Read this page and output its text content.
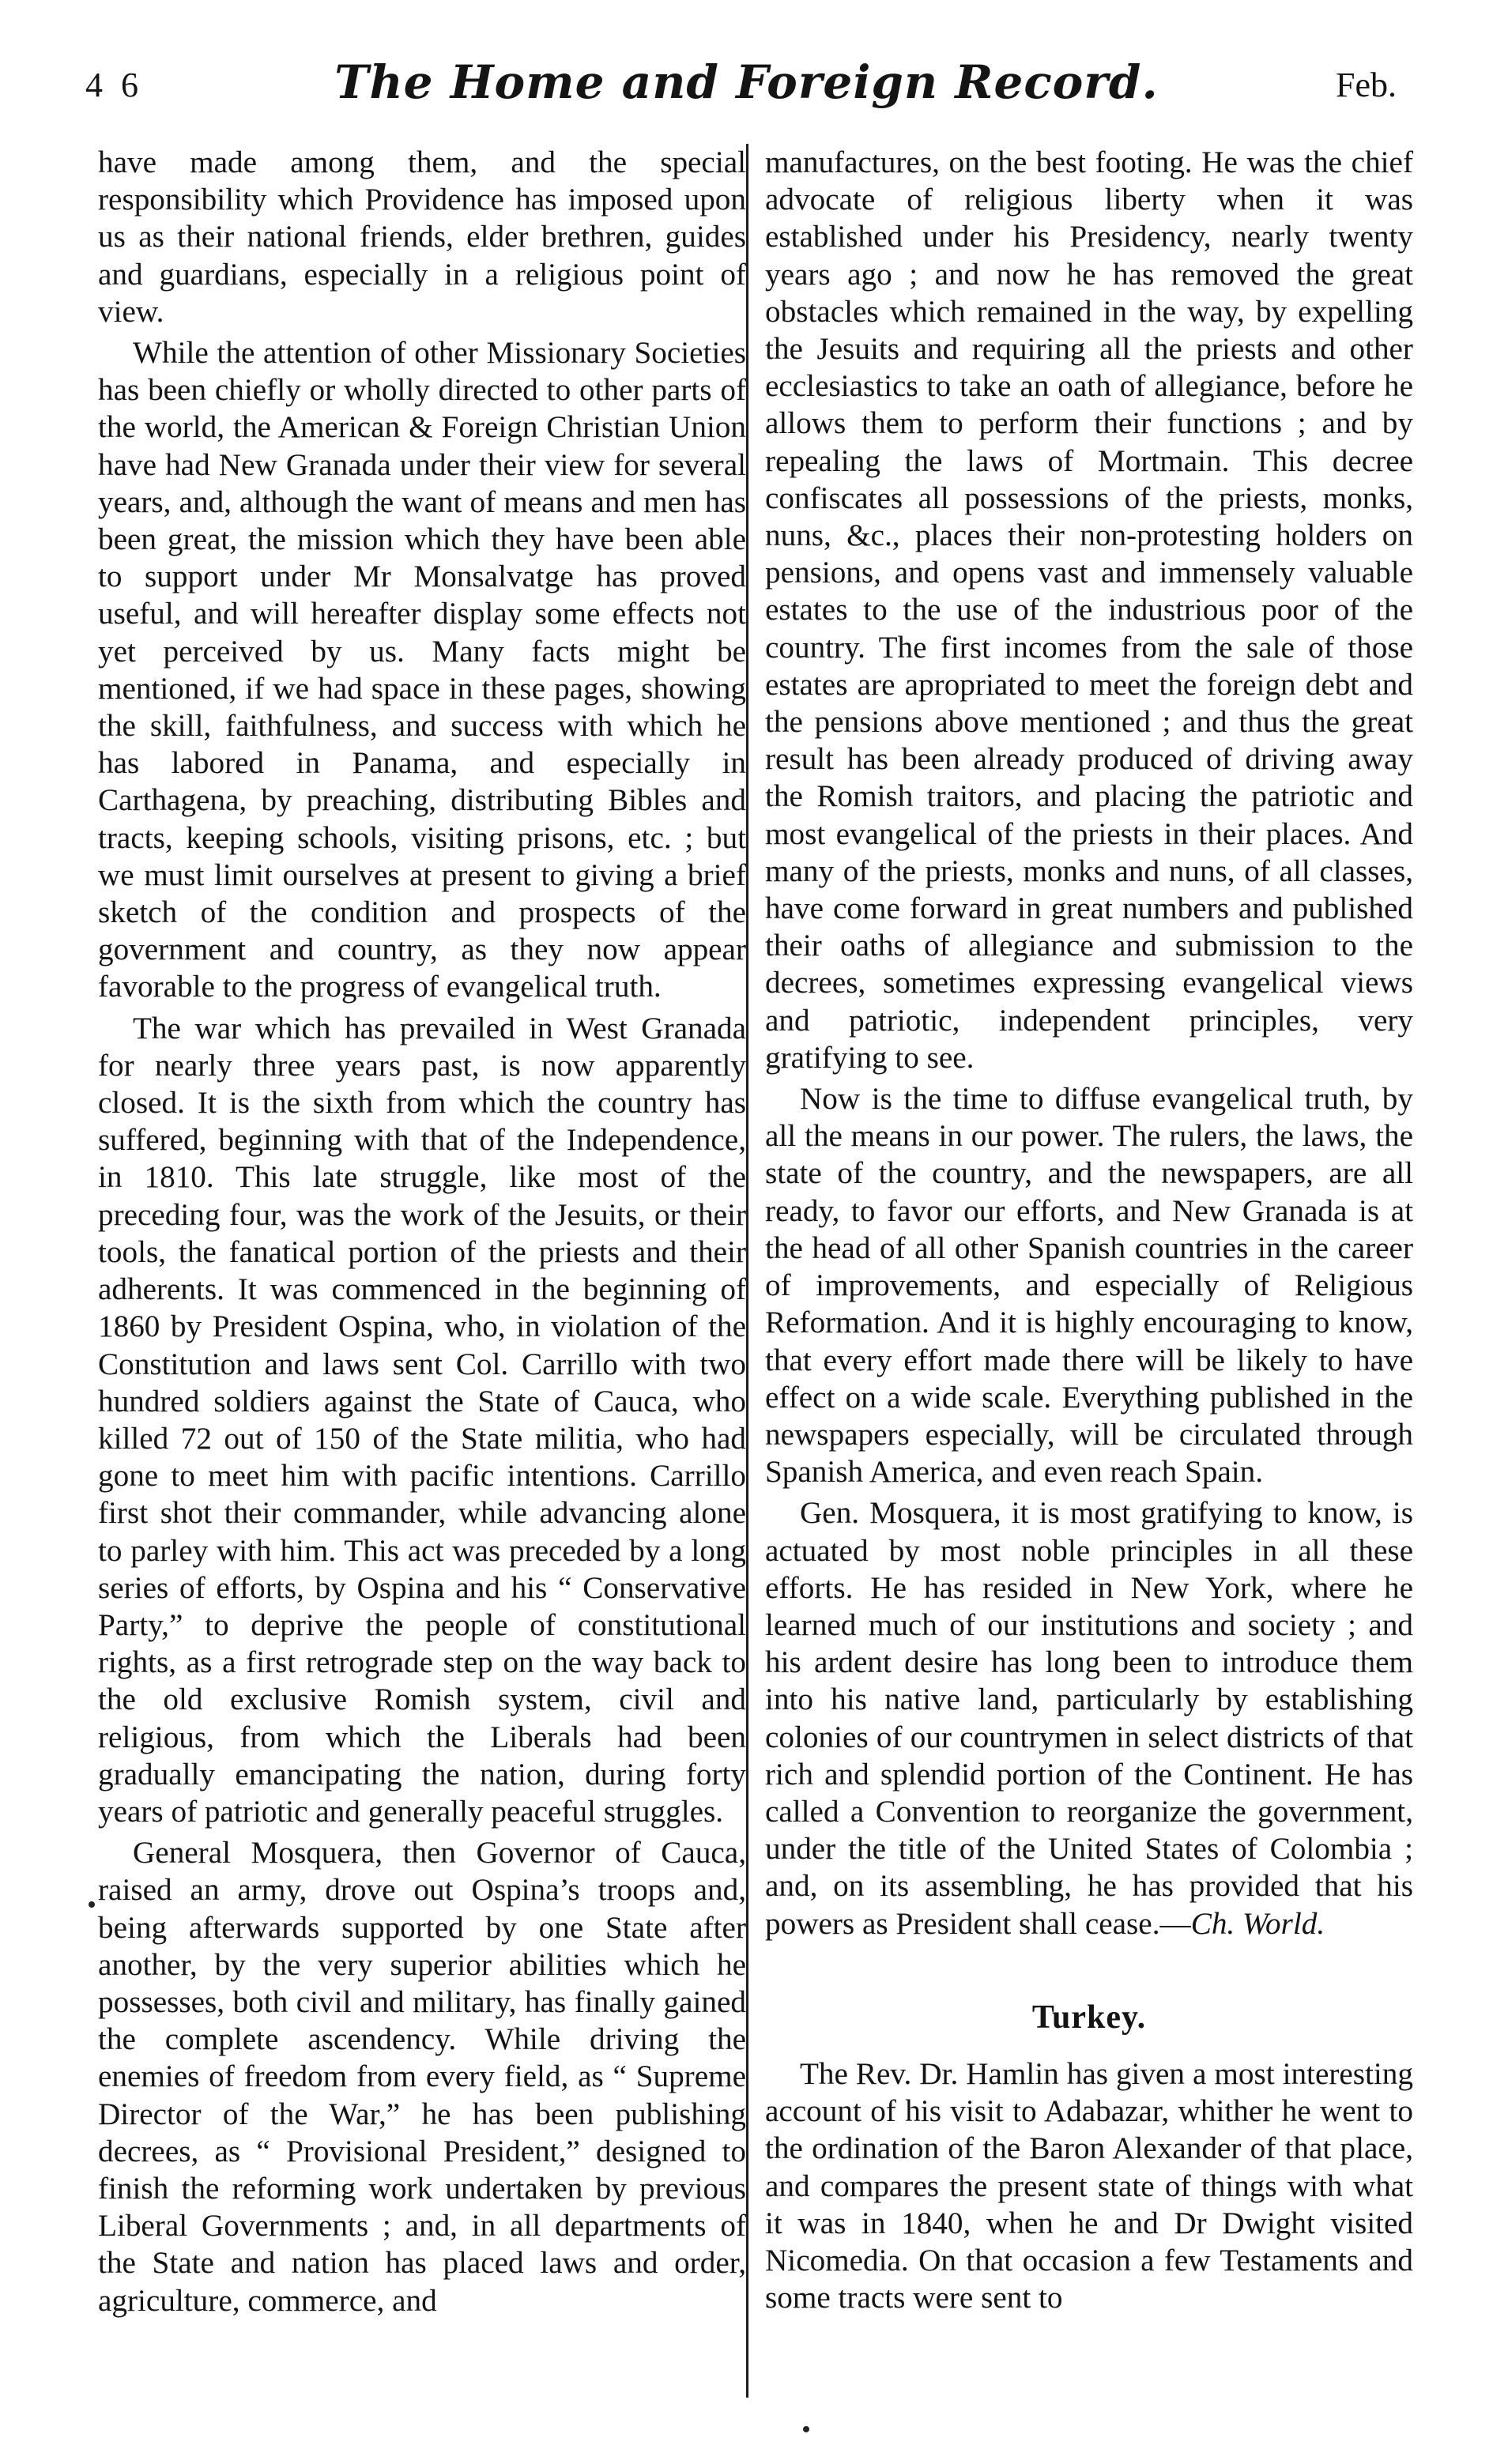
4 6	The Home and Foreign Record.	Feb.

have made among them, and the special responsibility which Providence has imposed upon us as their national friends, elder brethren, guides and guardians, especially in a religious point of view.

While the attention of other Missionary Societies has been chiefly or wholly directed to other parts of the world, the American & Foreign Christian Union have had New Granada under their view for several years, and, although the want of means and men has been great, the mission which they have been able to support under Mr Monsalvatge has proved useful, and will hereafter display some effects not yet perceived by us. Many facts might be mentioned, if we had space in these pages, showing the skill, faithfulness, and success with which he has labored in Panama, and especially in Carthagena, by preaching, distributing Bibles and tracts, keeping schools, visiting prisons, etc. ; but we must limit ourselves at present to giving a brief sketch of the condition and prospects of the government and country, as they now appear favorable to the progress of evangelical truth.

The war which has prevailed in West Granada for nearly three years past, is now apparently closed. It is the sixth from which the country has suffered, beginning with that of the Independence, in 1810. This late struggle, like most of the preceding four, was the work of the Jesuits, or their tools, the fanatical portion of the priests and their adherents. It was commenced in the beginning of 1860 by President Ospina, who, in violation of the Constitution and laws sent Col. Carrillo with two hundred soldiers against the State of Cauca, who killed 72 out of 150 of the State militia, who had gone to meet him with pacific intentions. Carrillo first shot their commander, while advancing alone to parley with him. This act was preceded by a long series of efforts, by Ospina and his “ Conservative Party,” to deprive the people of constitutional rights, as a first retrograde step on the way back to the old exclusive Romish system, civil and religious, from which the Liberals had been gradually emancipating the nation, during forty years of patriotic and generally peaceful struggles.

General Mosquera, then Governor of Cauca, raised an army, drove out Ospina’s troops and, being afterwards supported by one State after another, by the very superior abilities which he possesses, both civil and military, has finally gained the complete ascendency. While driving the enemies of freedom from every field, as “ Supreme Director of the War,” he has been publishing decrees, as “ Provisional President,” designed to finish the reforming work undertaken by previous Liberal Governments ; and, in all departments of the State and nation has placed laws and order, agriculture, commerce, and

manufactures, on the best footing. He was the chief advocate of religious liberty when it was established under his Presidency, nearly twenty years ago ; and now he has removed the great obstacles which remained in the way, by expelling the Jesuits and requiring all the priests and other ecclesiastics to take an oath of allegiance, before he allows them to perform their functions ; and by repealing the laws of Mortmain. This decree confiscates all possessions of the priests, monks, nuns, &c., places their non-protesting holders on pensions, and opens vast and immensely valuable estates to the use of the industrious poor of the country. The first incomes from the sale of those estates are apropriated to meet the foreign debt and the pensions above mentioned ; and thus the great result has been already produced of driving away the Romish traitors, and placing the patriotic and most evangelical of the priests in their places. And many of the priests, monks and nuns, of all classes, have come forward in great numbers and published their oaths of allegiance and submission to the decrees, sometimes expressing evangelical views and patriotic, independent principles, very gratifying to see.

Now is the time to diffuse evangelical truth, by all the means in our power. The rulers, the laws, the state of the country, and the newspapers, are all ready, to favor our efforts, and New Granada is at the head of all other Spanish countries in the career of improvements, and especially of Religious Reformation. And it is highly encouraging to know, that every effort made there will be likely to have effect on a wide scale. Everything published in the newspapers especially, will be circulated through Spanish America, and even reach Spain.

Gen. Mosquera, it is most gratifying to know, is actuated by most noble principles in all these efforts. He has resided in New York, where he learned much of our institutions and society ; and his ardent desire has long been to introduce them into his native land, particularly by establishing colonies of our countrymen in select districts of that rich and splendid portion of the Continent. He has called a Convention to reorganize the government, under the title of the United States of Colombia ; and, on its assembling, he has provided that his powers as President shall cease.—Ch. World.

Turkey.

The Rev. Dr. Hamlin has given a most interesting account of his visit to Adabazar, whither he went to the ordination of the Baron Alexander of that place, and compares the present state of things with what it was in 1840, when he and Dr Dwight visited Nicomedia. On that occasion a few Testaments and some tracts were sent to
